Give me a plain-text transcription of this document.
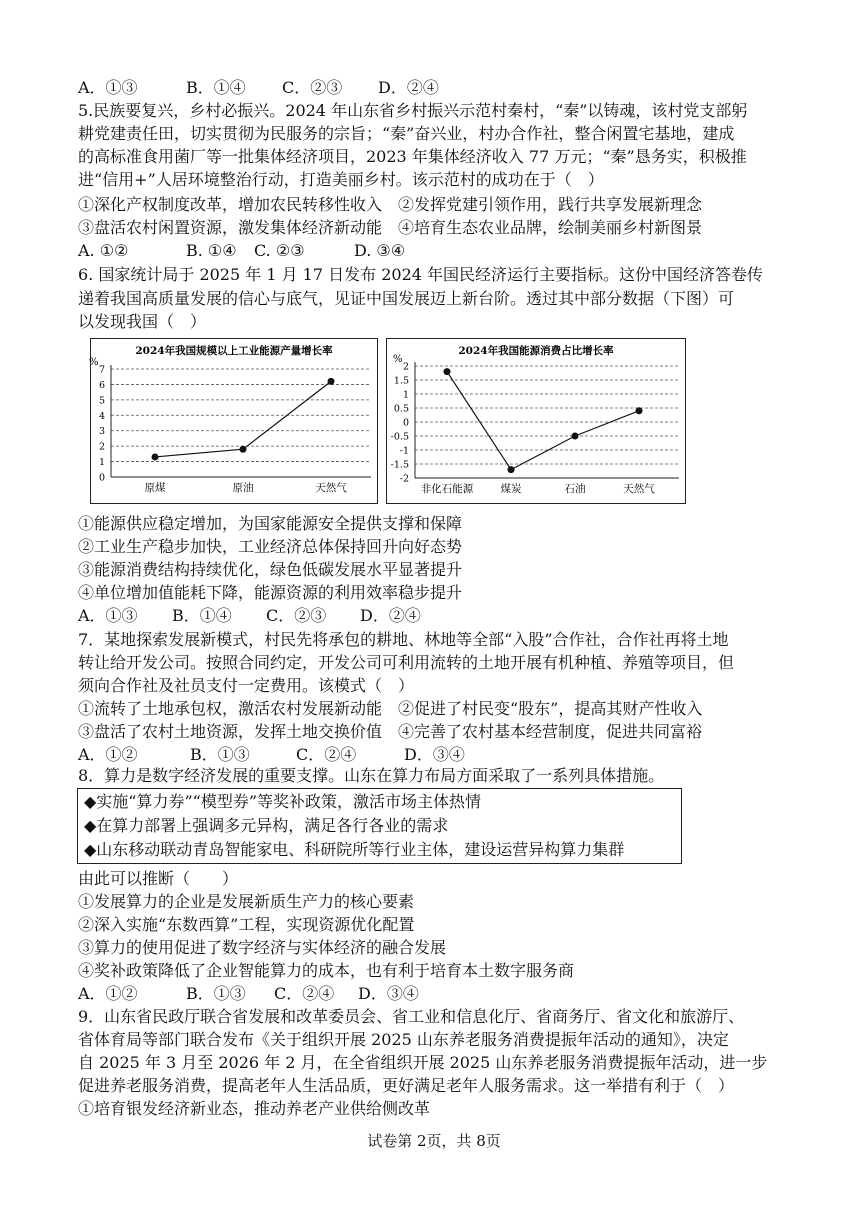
A．①③	B．①④ C．②③ D．②④
5.民族要复兴，乡村必振兴。2024 年山东省乡村振兴示范村秦村，“秦”以铸魂，该村党支部躬
耕党建责任田，切实贯彻为民服务的宗旨；“秦”奋兴业，村办合作社，整合闲置宅基地，建成
的高标准食用菌厂等一批集体经济项目，2023 年集体经济收入 77 万元；“秦”恳务实，积极推
进“信用+”人居环境整治行动，打造美丽乡村。该示范村的成功在于（　）
①深化产权制度改革，增加农民转移性收入　②发挥党建引领作用，践行共享发展新理念
③盘活农村闲置资源，激发集体经济新动能　④培育生态农业品牌，绘制美丽乡村新图景
A. ①②	B. ①④ C. ②③	D. ③④
6. 国家统计局于 2025 年 1 月 17 日发布 2024 年国民经济运行主要指标。这份中国经济答卷传
递着我国高质量发展的信心与底气，见证中国发展迈上新台阶。透过其中部分数据（下图）可
以发现我国（　）
2024年我国规模以上工业能源产量增长率
%
0
1
2
3
4
5
6
7
原煤	原油	天然气
2024年我国能源消费占比增长率
%
2
1.5
1
0.5
0
-0.5
-1
-1.5
-2
非化石能源	煤炭	石油	天然气
①能源供应稳定增加，为国家能源安全提供支撑和保障
②工业生产稳步加快，工业经济总体保持回升向好态势
③能源消费结构持续优化，绿色低碳发展水平显著提升
④单位增加值能耗下降，能源资源的利用效率稳步提升
A．①③ B．①④ C．②③ D．②④
7．某地探索发展新模式，村民先将承包的耕地、林地等全部“入股”合作社，合作社再将土地
转让给开发公司。按照合同约定，开发公司可利用流转的土地开展有机种植、养殖等项目，但
须向合作社及社员支付一定费用。该模式（　）
①流转了土地承包权，激活农村发展新动能　②促进了村民变“股东”，提高其财产性收入
③盘活了农村土地资源，发挥土地交换价值　④完善了农村基本经营制度，促进共同富裕
A．①②	B．①③	C．②④	D．③④
8．算力是数字经济发展的重要支撑。山东在算力布局方面采取了一系列具体措施。
◆实施“算力券”“模型券”等奖补政策，激活市场主体热情
◆在算力部署上强调多元异构，满足各行各业的需求
◆山东移动联动青岛智能家电、科研院所等行业主体，建设运营异构算力集群
由此可以推断（　　）
①发展算力的企业是发展新质生产力的核心要素
②深入实施“东数西算”工程，实现资源优化配置
③算力的使用促进了数字经济与实体经济的融合发展
④奖补政策降低了企业智能算力的成本，也有利于培育本土数字服务商
A．①②	B．①③ C．②④ D．③④
9．山东省民政厅联合省发展和改革委员会、省工业和信息化厅、省商务厅、省文化和旅游厅、
省体育局等部门联合发布《关于组织开展 2025 山东养老服务消费提振年活动的通知》，决定
自 2025 年 3 月至 2026 年 2 月，在全省组织开展 2025 山东养老服务消费提振年活动，进一步
促进养老服务消费，提高老年人生活品质，更好满足老年人服务需求。这一举措有利于（　）
①培育银发经济新业态，推动养老产业供给侧改革
试卷第 2页，共 8页
